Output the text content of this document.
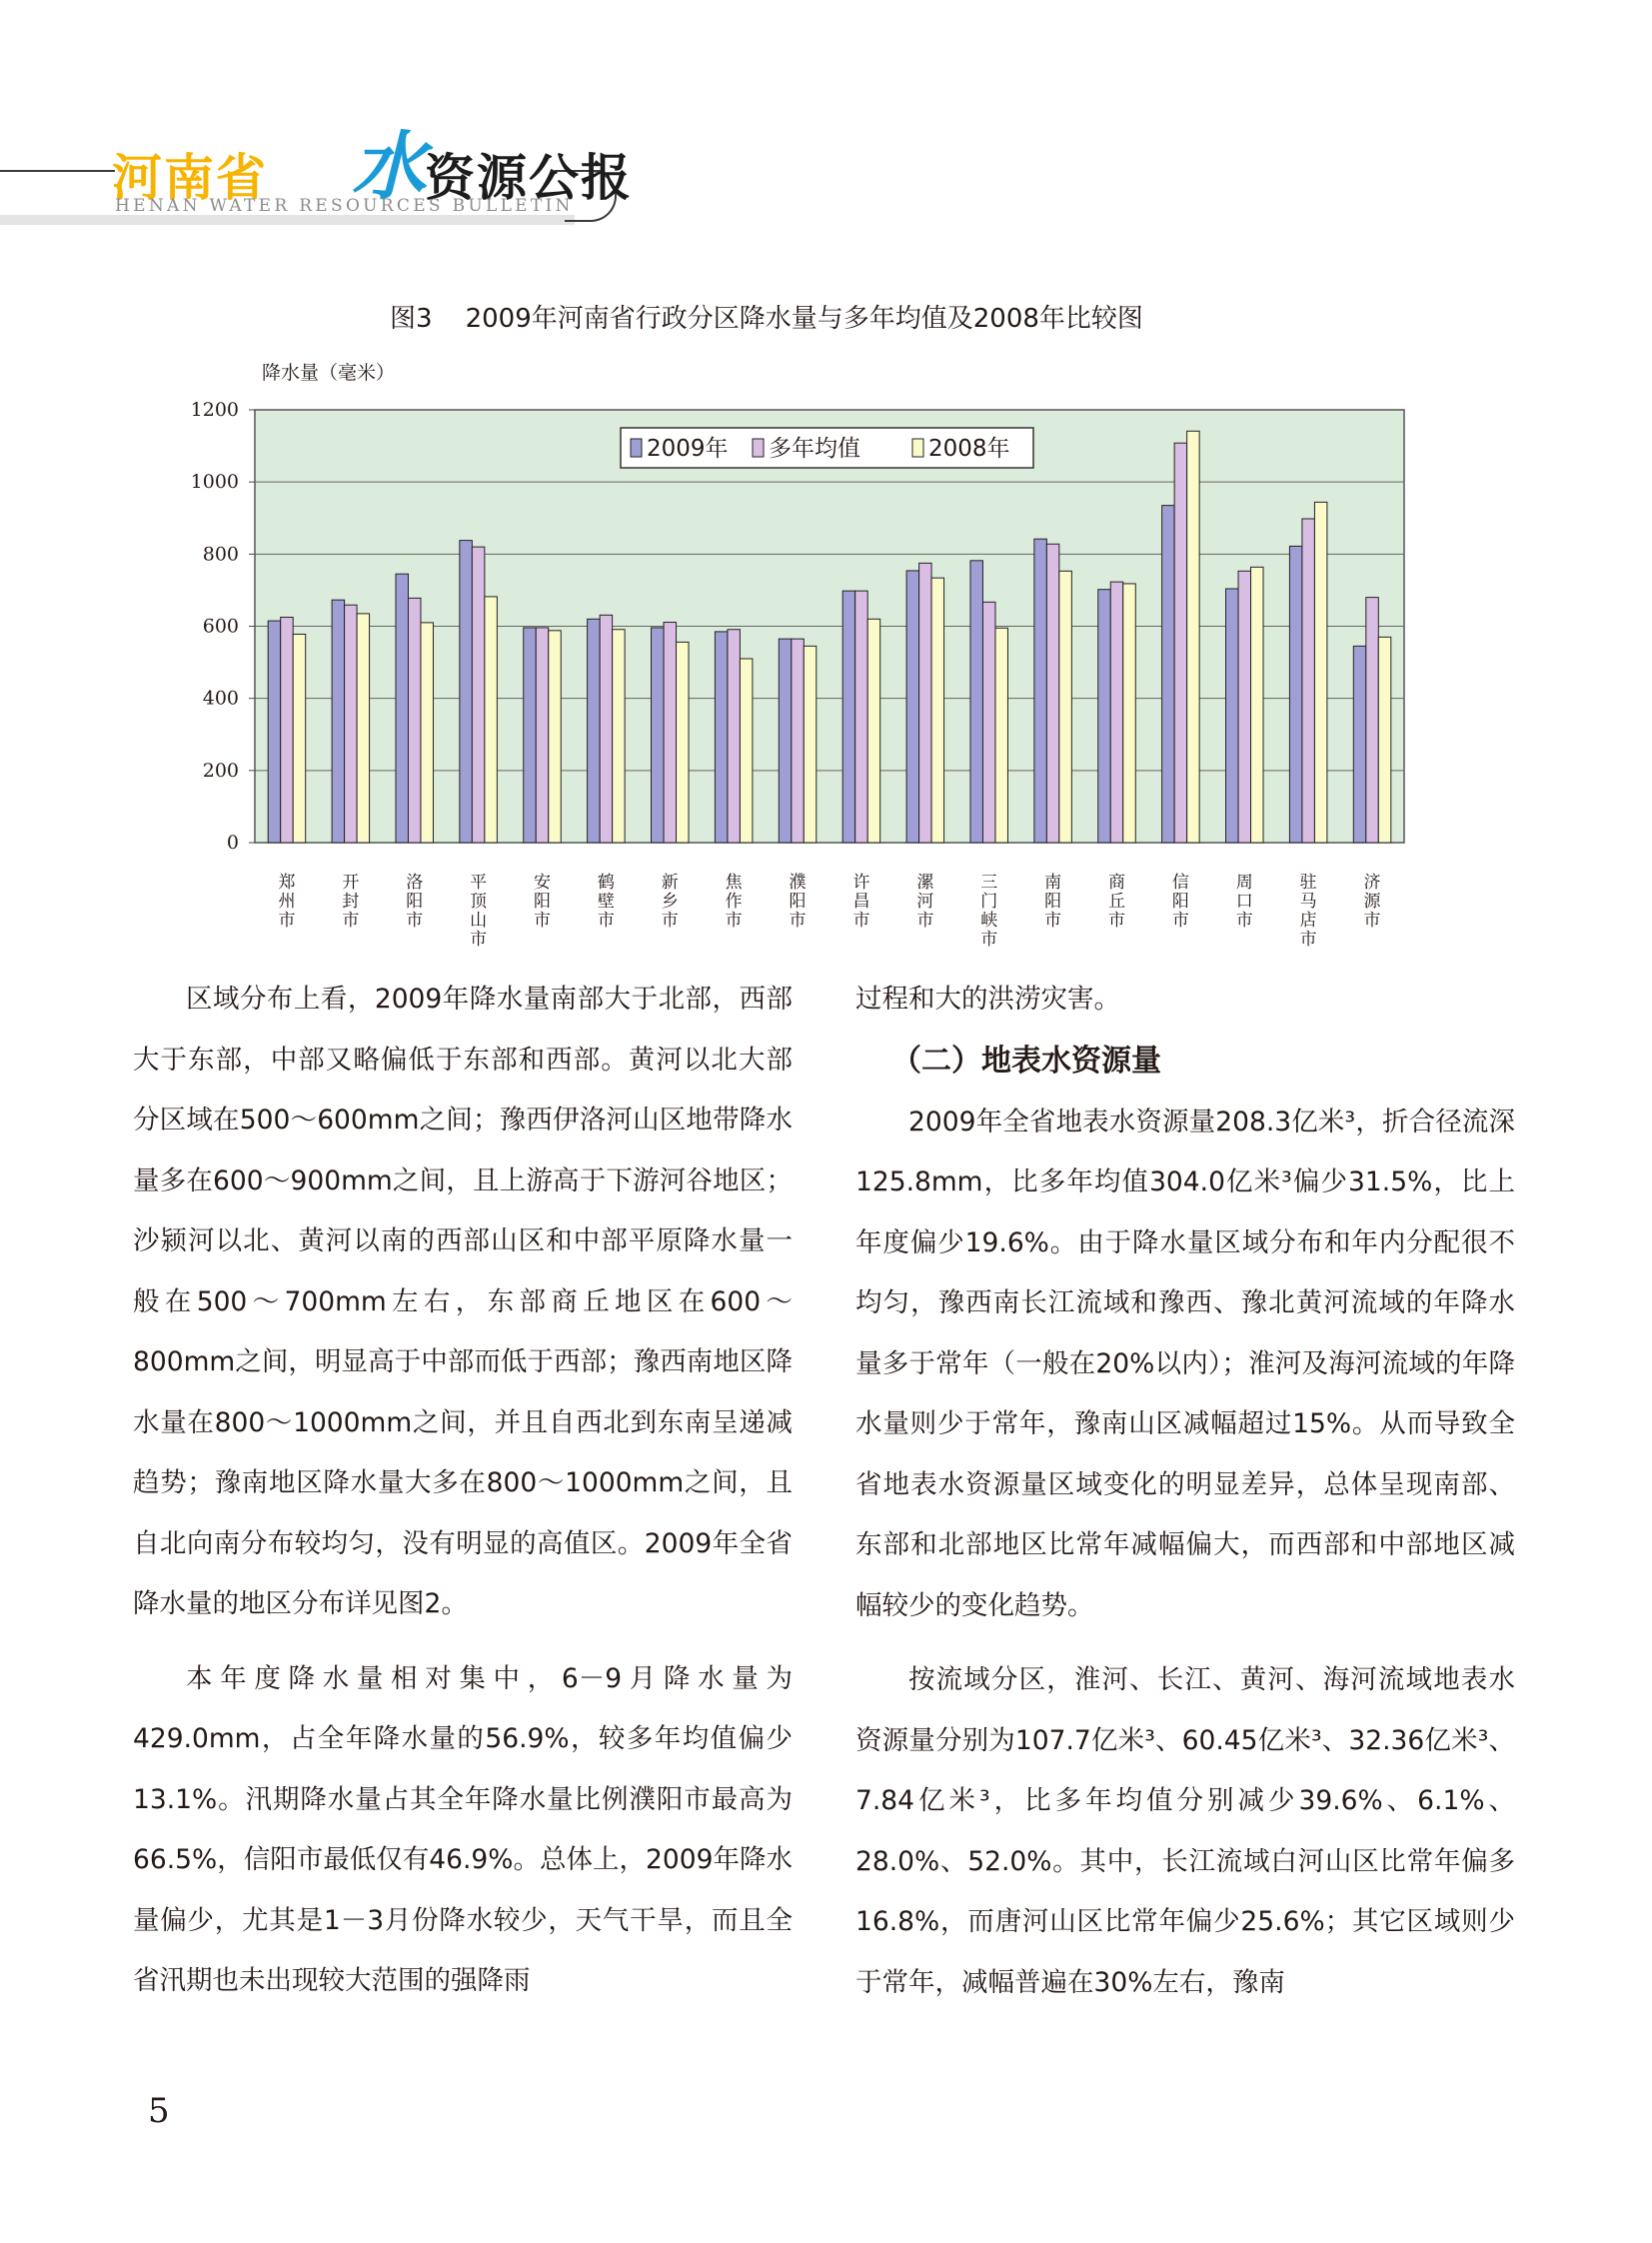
河南省 水 资源公报
HENAN WATER RESOURCES BULLETIN
图3    2009年河南省行政分区降水量与多年均值及2008年比较图
降水量（毫米）
0
200
400
600
800
1000
1200
郑州市
开封市
洛阳市
平顶山市
安阳市
鹤壁市
新乡市
焦作市
濮阳市
许昌市
漯河市
三门峡市
南阳市
商丘市
信阳市
周口市
驻马店市
济源市
2009年 多年均值	2008年

区域分布上看，2009年降水量南部大于北部，西部大于东部，中部又略偏低于东部和西部。黄河以北大部分区域在500～600mm之间；豫西伊洛河山区地带降水量多在600～900mm之间，且上游高于下游河谷地区；沙颍河以北、黄河以南的西部山区和中部平原降水量一般在500～700mm左右，东部商丘地区在600～800mm之间，明显高于中部而低于西部；豫西南地区降水量在800～1000mm之间，并且自西北到东南呈递减趋势；豫南地区降水量大多在800～1000mm之间，且自北向南分布较均匀，没有明显的高值区。2009年全省降水量的地区分布详见图2。

本年度降水量相对集中，6－9月降水量为429.0mm，占全年降水量的56.9%，较多年均值偏少13.1%。汛期降水量占其全年降水量比例濮阳市最高为66.5%，信阳市最低仅有46.9%。总体上，2009年降水量偏少，尤其是1－3月份降水较少，天气干旱，而且全省汛期也未出现较大范围的强降雨

过程和大的洪涝灾害。

（二）地表水资源量

2009年全省地表水资源量208.3亿米³，折合径流深125.8mm，比多年均值304.0亿米³偏少31.5%，比上年度偏少19.6%。由于降水量区域分布和年内分配很不均匀，豫西南长江流域和豫西、豫北黄河流域的年降水量多于常年（一般在20%以内）；淮河及海河流域的年降水量则少于常年，豫南山区减幅超过15%。从而导致全省地表水资源量区域变化的明显差异，总体呈现南部、东部和北部地区比常年减幅偏大，而西部和中部地区减幅较少的变化趋势。

按流域分区，淮河、长江、黄河、海河流域地表水资源量分别为107.7亿米³、60.45亿米³、32.36亿米³、7.84亿米³，比多年均值分别减少39.6%、6.1%、28.0%、52.0%。其中，长江流域白河山区比常年偏多16.8%，而唐河山区比常年偏少25.6%；其它区域则少于常年，减幅普遍在30%左右，豫南

5
